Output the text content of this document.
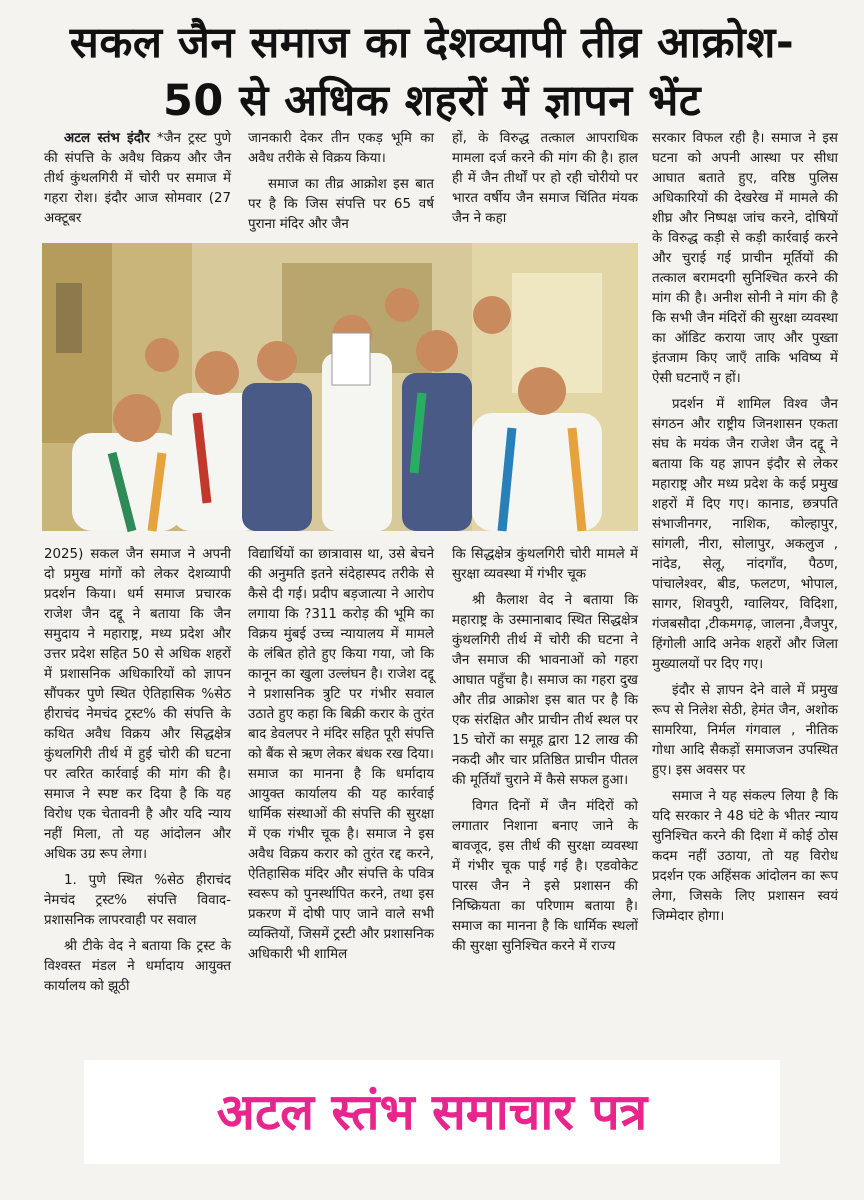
सकल जैन समाज का देशव्यापी तीव्र आक्रोश-
50 से अधिक शहरों में ज्ञापन भेंट

अटल स्तंभ इंदौर *जैन ट्रस्ट पुणे की संपत्ति के अवैध विक्रय और जैन तीर्थ कुंथलगिरी में चोरी पर समाज में गहरा रोश। इंदौर आज सोमवार (27 अक्टूबर

जानकारी देकर तीन एकड़ भूमि का अवैध तरीके से विक्रय किया।

समाज का तीव्र आक्रोश इस बात पर है कि जिस संपत्ति पर 65 वर्ष पुराना मंदिर और जैन

हों, के विरुद्ध तत्काल आपराधिक मामला दर्ज करने की मांग की है। हाल ही में जैन तीर्थों पर हो रही चोरीयो पर भारत वर्षीय जैन समाज चिंतित मंयक जैन ने कहा

2025) सकल जैन समाज ने अपनी दो प्रमुख मांगों को लेकर देशव्यापी प्रदर्शन किया। धर्म समाज प्रचारक राजेश जैन दद्दू ने बताया कि जैन समुदाय ने महाराष्ट्र, मध्य प्रदेश और उत्तर प्रदेश सहित 50 से अधिक शहरों में प्रशासनिक अधिकारियों को ज्ञापन सौंपकर पुणे स्थित ऐतिहासिक %सेठ हीराचंद नेमचंद ट्रस्ट% की संपत्ति के कथित अवैध विक्रय और सिद्धक्षेत्र कुंथलगिरी तीर्थ में हुई चोरी की घटना पर त्वरित कार्रवाई की मांग की है। समाज ने स्पष्ट कर दिया है कि यह विरोध एक चेतावनी है और यदि न्याय नहीं मिला, तो यह आंदोलन और अधिक उग्र रूप लेगा।

1. पुणे स्थित %सेठ हीराचंद नेमचंद ट्रस्ट% संपत्ति विवाद- प्रशासनिक लापरवाही पर सवाल

श्री टीके वेद ने बताया कि ट्रस्ट के विश्वस्त मंडल ने धर्मादाय आयुक्त कार्यालय को झूठी

विद्यार्थियों का छात्रावास था, उसे बेचने की अनुमति इतने संदेहास्पद तरीके से कैसे दी गई। प्रदीप बड़जात्या ने आरोप लगाया कि ?311 करोड़ की भूमि का विक्रय मुंबई उच्च न्यायालय में मामले के लंबित होते हुए किया गया, जो कि कानून का खुला उल्लंघन है। राजेश दद्दू ने प्रशासनिक त्रुटि पर गंभीर सवाल उठाते हुए कहा कि बिक्री करार के तुरंत बाद डेवलपर ने मंदिर सहित पूरी संपत्ति को बैंक से ऋण लेकर बंधक रख दिया। समाज का मानना है कि धर्मादाय आयुक्त कार्यालय की यह कार्रवाई धार्मिक संस्थाओं की संपत्ति की सुरक्षा में एक गंभीर चूक है। समाज ने इस अवैध विक्रय करार को तुरंत रद्द करने, ऐतिहासिक मंदिर और संपत्ति के पवित्र स्वरूप को पुनर्स्थापित करने, तथा इस प्रकरण में दोषी पाए जाने वाले सभी व्यक्तियों, जिसमें ट्रस्टी और प्रशासनिक अधिकारी भी शामिल

कि सिद्धक्षेत्र कुंथलगिरी चोरी मामले में सुरक्षा व्यवस्था में गंभीर चूक

श्री कैलाश वेद ने बताया कि महाराष्ट्र के उस्मानाबाद स्थित सिद्धक्षेत्र कुंथलगिरी तीर्थ में चोरी की घटना ने जैन समाज की भावनाओं को गहरा आघात पहुँचा है। समाज का गहरा दुख और तीव्र आक्रोश इस बात पर है कि एक संरक्षित और प्राचीन तीर्थ स्थल पर 15 चोरों का समूह द्वारा 12 लाख की नकदी और चार प्रतिष्ठित प्राचीन पीतल की मूर्तियाँ चुराने में कैसे सफल हुआ।

विगत दिनों में जैन मंदिरों को लगातार निशाना बनाए जाने के बावजूद, इस तीर्थ की सुरक्षा व्यवस्था में गंभीर चूक पाई गई है। एडवोकेट पारस जैन ने इसे प्रशासन की निष्क्रियता का परिणाम बताया है। समाज का मानना है कि धार्मिक स्थलों की सुरक्षा सुनिश्चित करने में राज्य

सरकार विफल रही है। समाज ने इस घटना को अपनी आस्था पर सीधा आघात बताते हुए, वरिष्ठ पुलिस अधिकारियों की देखरेख में मामले की शीघ्र और निष्पक्ष जांच करने, दोषियों के विरुद्ध कड़ी से कड़ी कार्रवाई करने और चुराई गई प्राचीन मूर्तियों की तत्काल बरामदगी सुनिश्चित करने की मांग की है। अनीश सोनी ने मांग की है कि सभी जैन मंदिरों की सुरक्षा व्यवस्था का ऑडिट कराया जाए और पुख्ता इंतजाम किए जाएँ ताकि भविष्य में ऐसी घटनाएँ न हों।

प्रदर्शन में शामिल विश्व जैन संगठन और राष्ट्रीय जिनशासन एकता संघ के मयंक जैन राजेश जैन दद्दू ने बताया कि यह ज्ञापन इंदौर से लेकर महाराष्ट्र और मध्य प्रदेश के कई प्रमुख शहरों में दिए गए। कानाड, छत्रपति संभाजीनगर, नाशिक, कोल्हापुर, सांगली, नीरा, सोलापुर, अकलुज , नांदेड, सेलू, नांदगाँव, पैठण, पांचालेश्वर, बीड, फलटण, भोपाल, सागर, शिवपुरी, ग्वालियर, विदिशा, गंजबसौदा ,टीकमगढ़, जालना ,वैजपुर, हिंगोली आदि अनेक शहरों और जिला मुख्यालयों पर दिए गए।

इंदौर से ज्ञापन देने वाले में प्रमुख रूप से निलेश सेठी, हेमंत जैन, अशोक सामरिया, निर्मल गंगवाल , नीतिक गोधा आदि सैकड़ों समाजजन उपस्थित हुए। इस अवसर पर

समाज ने यह संकल्प लिया है कि यदि सरकार ने 48 घंटे के भीतर न्याय सुनिश्चित करने की दिशा में कोई ठोस कदम नहीं उठाया, तो यह विरोध प्रदर्शन एक अहिंसक आंदोलन का रूप लेगा, जिसके लिए प्रशासन स्वयं जिम्मेदार होगा।

अटल स्तंभ समाचार पत्र
